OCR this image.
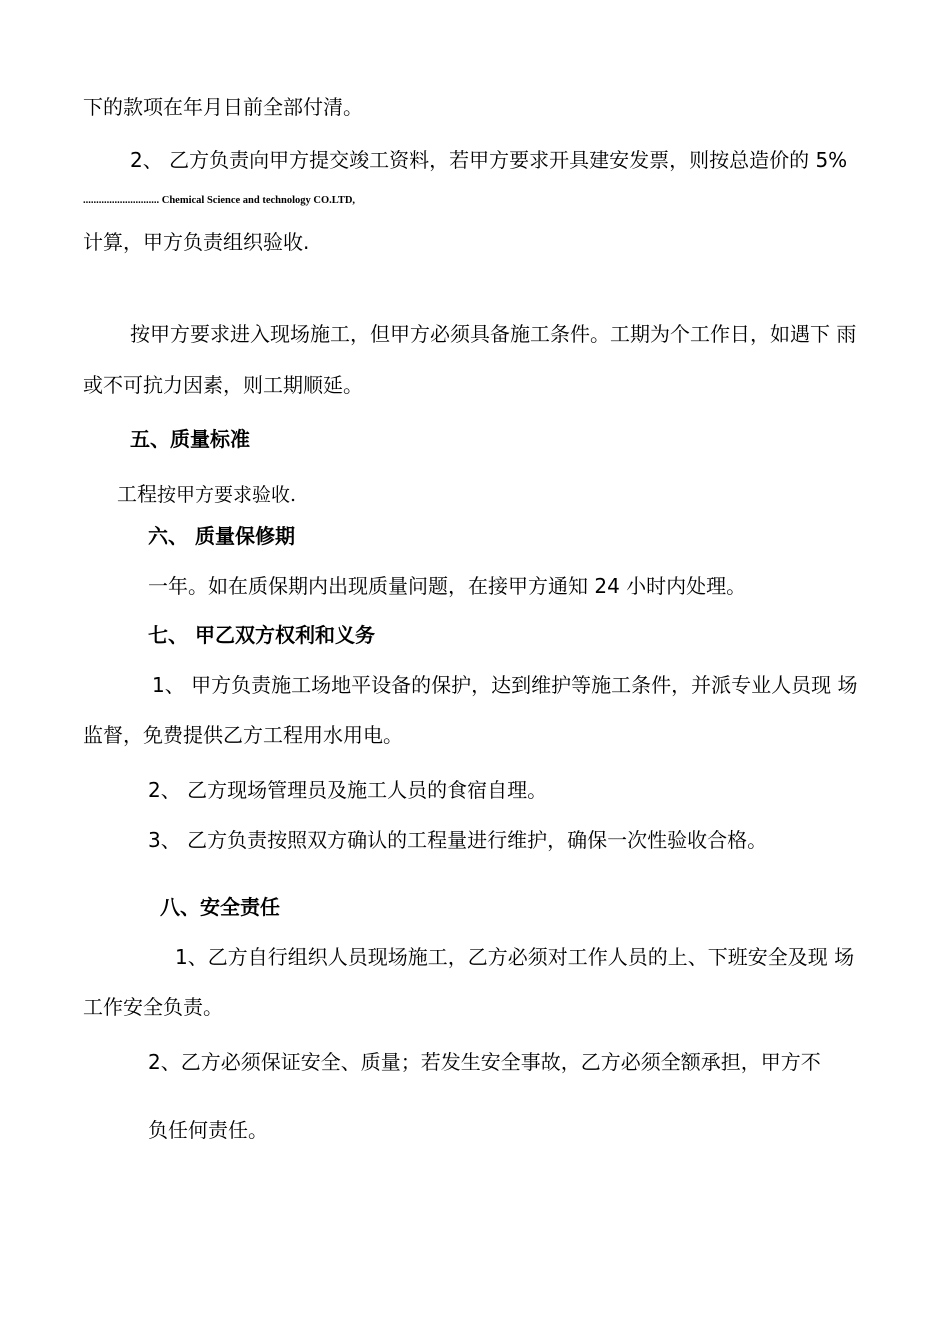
下的款项在年月日前全部付清。
2、 乙方负责向甲方提交竣工资料，若甲方要求开具建安发票，则按总造价的 5%
............................. Chemical Science and technology CO.LTD,
计算，甲方负责组织验收.
按甲方要求进入现场施工，但甲方必须具备施工条件。工期为个工作日，如遇下 雨
或不可抗力因素，则工期顺延。
五、质量标准
工程按甲方要求验收.
六、 质量保修期
一年。如在质保期内出现质量问题，在接甲方通知 24 小时内处理。
七、 甲乙双方权利和义务
1、 甲方负责施工场地平设备的保护，达到维护等施工条件，并派专业人员现 场
监督，免费提供乙方工程用水用电。
2、 乙方现场管理员及施工人员的食宿自理。
3、 乙方负责按照双方确认的工程量进行维护，确保一次性验收合格。
八、安全责任
1、乙方自行组织人员现场施工，乙方必须对工作人员的上、下班安全及现 场
工作安全负责。
2、乙方必须保证安全、质量；若发生安全事故，乙方必须全额承担，甲方不
负任何责任。
